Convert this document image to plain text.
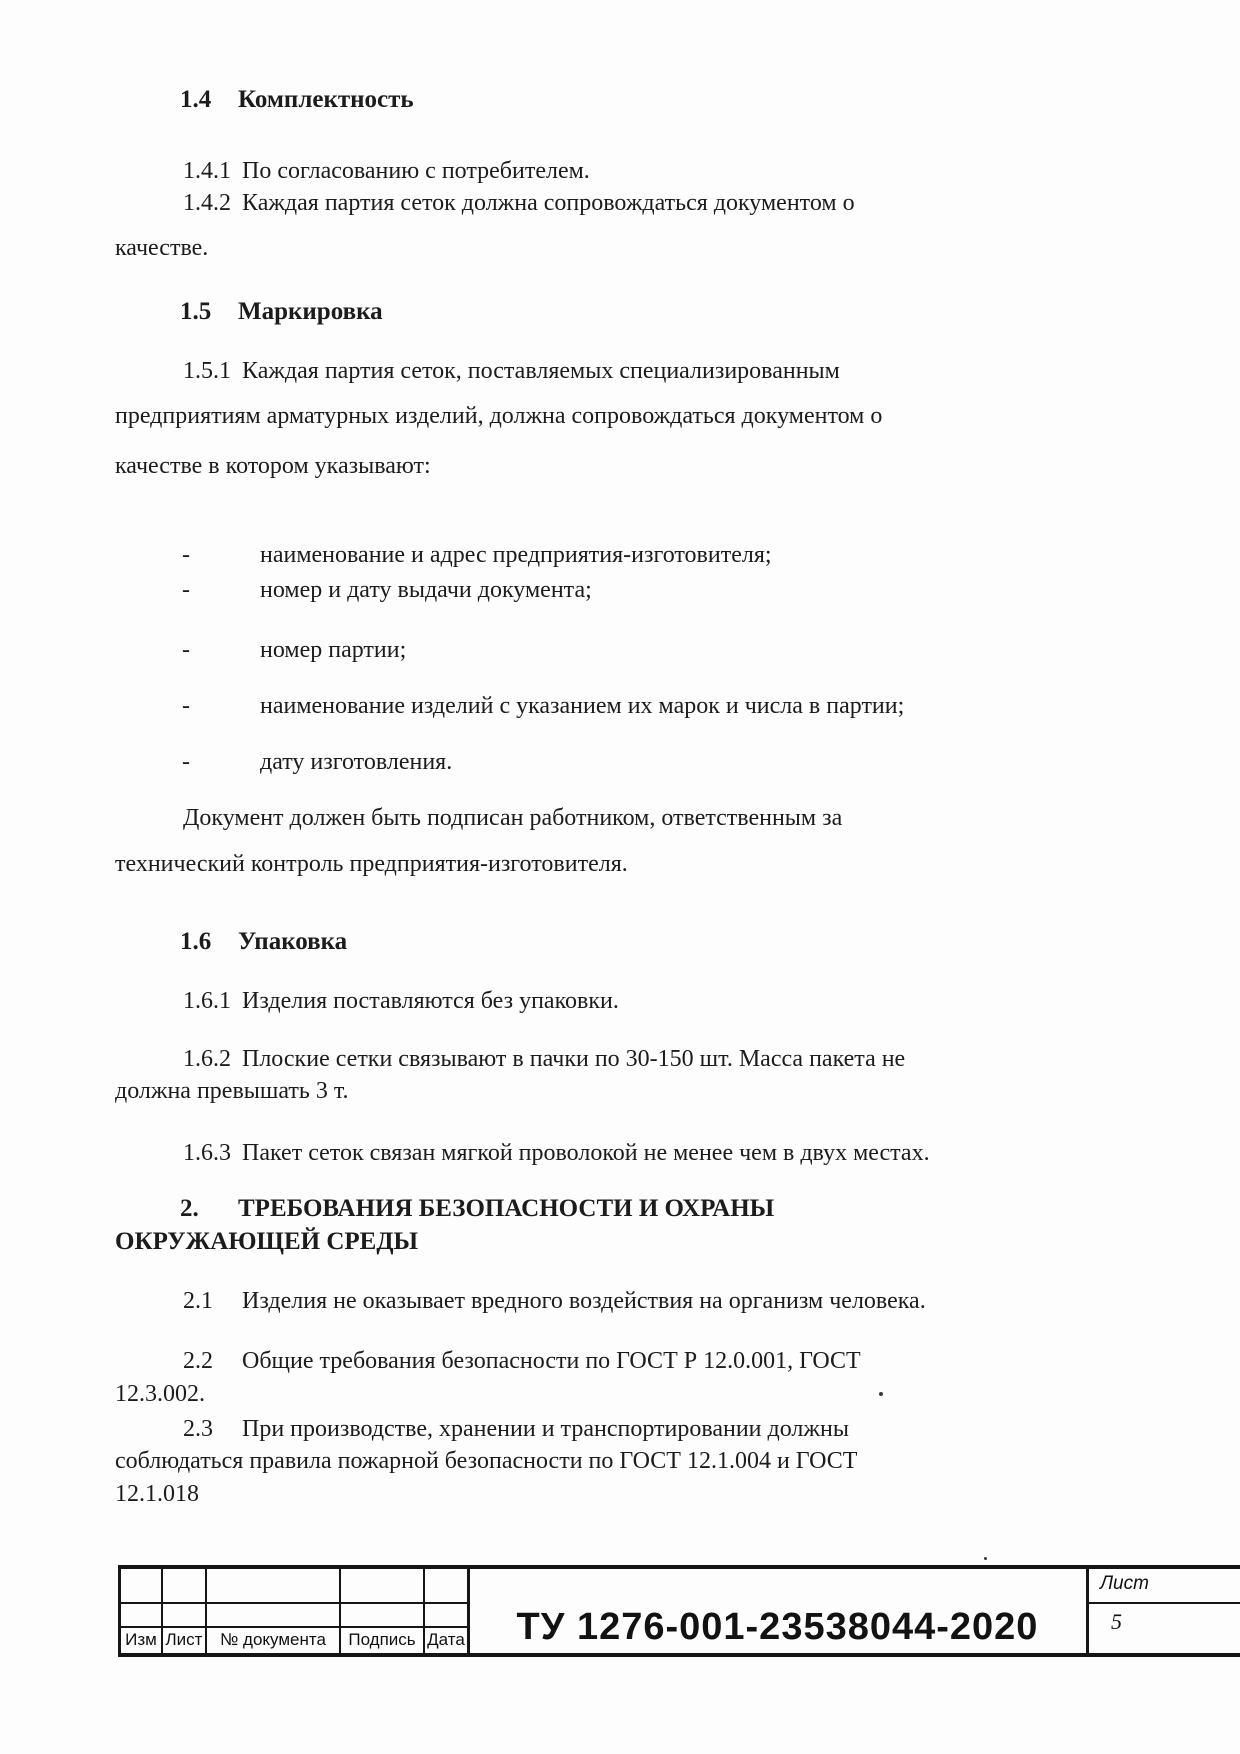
1.4 Комплектность
1.4.1 По согласованию с потребителем.
1.4.2 Каждая партия сеток должна сопровождаться документом о
качестве.
1.5 Маркировка
1.5.1 Каждая партия сеток, поставляемых специализированным
предприятиям арматурных изделий, должна сопровождаться документом о
качестве в котором указывают:
-	наименование и адрес предприятия-изготовителя;
-	номер и дату выдачи документа;
-	номер партии;
-	наименование изделий с указанием их марок и числа в партии;
-	дату изготовления.
Документ должен быть подписан работником, ответственным за
технический контроль предприятия-изготовителя.
1.6 Упаковка
1.6.1 Изделия поставляются без упаковки.
1.6.2 Плоские сетки связывают в пачки по 30-150 шт. Масса пакета не
должна превышать 3 т.
1.6.3 Пакет сеток связан мягкой проволокой не менее чем в двух местах.
2. ТРЕБОВАНИЯ БЕЗОПАСНОСТИ И ОХРАНЫ
ОКРУЖАЮЩЕЙ СРЕДЫ
2.1 Изделия не оказывает вредного воздействия на организм человека.
2.2 Общие требования безопасности по ГОСТ Р 12.0.001, ГОСТ
12.3.002.
2.3 При производстве, хранении и транспортировании должны
соблюдаться правила пожарной безопасности по ГОСТ 12.1.004 и ГОСТ
12.1.018
Изм Лист	№ документа	Подпись Дата	ТУ 1276-001-23538044-2020
Лист
5
